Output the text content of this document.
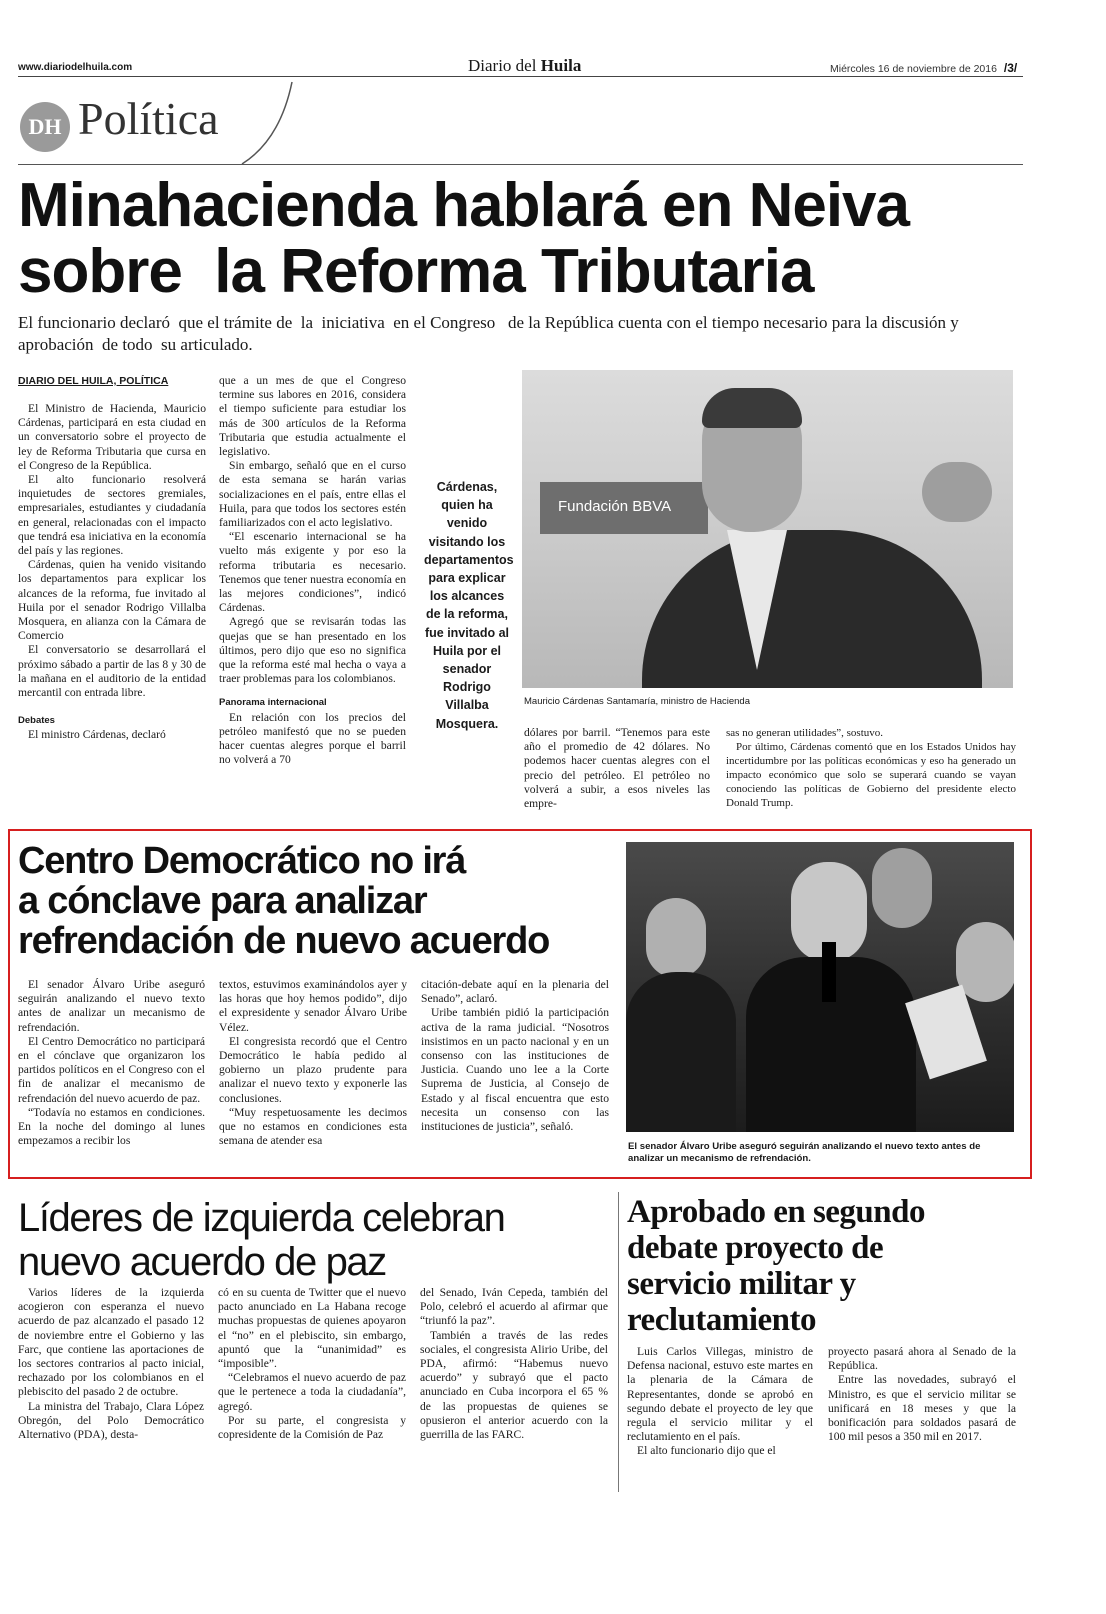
www.diariodelhuila.com	Diario del Huila	Miércoles 16 de noviembre de 2016 /3/
DH Política
Minahacienda hablará en Neiva
sobre  la Reforma Tributaria
El funcionario declaró  que el trámite de  la  iniciativa  en el Congreso   de la República cuenta con el tiempo necesario para la discusión y aprobación  de todo  su articulado.
DIARIO DEL HUILA, POLÍTICA

El Ministro de Hacienda, Mauricio Cárdenas, participará en esta ciudad en un conversatorio sobre el proyecto de ley de Reforma Tributaria que cursa en el Congreso de la República.

El alto funcionario resolverá inquietudes de sectores gremiales, empresariales, estudiantes y ciudadanía en general, relacionadas con el impacto que tendrá esa iniciativa en la economía del país y las regiones.

Cárdenas, quien ha venido visitando los departamentos para explicar los alcances de la reforma, fue invitado al Huila por el senador Rodrigo Villalba Mosquera, en alianza con la Cámara de Comercio

El conversatorio se desarrollará el próximo sábado a partir de las 8 y 30 de la mañana en el auditorio de la entidad mercantil con entrada libre.

Debates

El ministro Cárdenas, declaró

que a un mes de que el Congreso termine sus labores en 2016, considera el tiempo suficiente para estudiar los más de 300 artículos de la Reforma Tributaria que estudia actualmente el legislativo.

Sin embargo, señaló que en el curso de esta semana se harán varias socializaciones en el país, entre ellas el Huila, para que todos los sectores estén familiarizados con el acto legislativo.

“El escenario internacional se ha vuelto más exigente y por eso la reforma tributaria es necesario. Tenemos que tener nuestra economía en las mejores condiciones”, indicó Cárdenas.

Agregó que se revisarán todas las quejas que se han presentado en los últimos, pero dijo que eso no significa que la reforma esté mal hecha o vaya a traer problemas para los colombianos.

Panorama internacional

En relación con los precios del petróleo manifestó que no se pueden hacer cuentas alegres porque el barril no volverá a 70

Cárdenas, quien ha venido visitando los departamentos para explicar los alcances de la reforma, fue invitado al Huila por el senador Rodrigo Villalba Mosquera.
Fundación BBVA
Mauricio Cárdenas Santamaría, ministro de Hacienda

dólares por barril. “Tenemos para este año el promedio de 42 dólares. No podemos hacer cuentas alegres con el precio del petróleo. El petróleo no volverá a subir, a esos niveles las empre-

sas no generan utilidades”, sostuvo.

Por último, Cárdenas comentó que en los Estados Unidos hay incertidumbre por las políticas económicas y eso ha generado un impacto económico que solo se superará cuando se vayan conociendo las políticas de Gobierno del presidente electo Donald Trump.

Centro Democrático no irá
a cónclave para analizar
refrendación de nuevo acuerdo

El senador Álvaro Uribe aseguró seguirán analizando el nuevo texto antes de analizar un mecanismo de refrendación.

El Centro Democrático no participará en el cónclave que organizaron los partidos políticos en el Congreso con el fin de analizar el mecanismo de refrendación del nuevo acuerdo de paz.

“Todavía no estamos en condiciones. En la noche del domingo al lunes empezamos a recibir los

textos, estuvimos examinándolos ayer y las horas que hoy hemos podido”, dijo el expresidente y senador Álvaro Uribe Vélez.

El congresista recordó que el Centro Democrático le había pedido al gobierno un plazo prudente para analizar el nuevo texto y exponerle las conclusiones.

“Muy respetuosamente les decimos que no estamos en condiciones esta semana de atender esa

citación-debate aquí en la plenaria del Senado”, aclaró.

Uribe también pidió la participación activa de la rama judicial. “Nosotros insistimos en un pacto nacional y en un consenso con las instituciones de Justicia. Cuando uno lee a la Corte Suprema de Justicia, al Consejo de Estado y al fiscal encuentra que esto necesita un consenso con las instituciones de justicia”, señaló.

El senador Álvaro Uribe aseguró seguirán analizando el nuevo texto antes de analizar un mecanismo de refrendación.
Líderes de izquierda celebran
nuevo acuerdo de paz

Varios líderes de la izquierda acogieron con esperanza el nuevo acuerdo de paz alcanzado el pasado 12 de noviembre entre el Gobierno y las Farc, que contiene las aportaciones de los sectores contrarios al pacto inicial, rechazado por los colombianos en el plebiscito del pasado 2 de octubre.

La ministra del Trabajo, Clara López Obregón, del Polo Democrático Alternativo (PDA), desta-

có en su cuenta de Twitter que el nuevo pacto anunciado en La Habana recoge muchas propuestas de quienes apoyaron el “no” en el plebiscito, sin embargo, apuntó que la “unanimidad” es “imposible”.

“Celebramos el nuevo acuerdo de paz que le pertenece a toda la ciudadanía”, agregó.

Por su parte, el congresista y copresidente de la Comisión de Paz

del Senado, Iván Cepeda, también del Polo, celebró el acuerdo al afirmar que “triunfó la paz”.

También a través de las redes sociales, el congresista Alirio Uribe, del PDA, afirmó: “Habemus nuevo acuerdo” y subrayó que el pacto anunciado en Cuba incorpora el 65 % de las propuestas de quienes se opusieron el anterior acuerdo con la guerrilla de las FARC.

Aprobado en segundo
debate proyecto de
servicio militar y
reclutamiento

Luis Carlos Villegas, ministro de Defensa nacional, estuvo este martes en la plenaria de la Cámara de Representantes, donde se aprobó en segundo debate el proyecto de ley que regula el servicio militar y el reclutamiento en el país.

El alto funcionario dijo que el

proyecto pasará ahora al Senado de la República.

Entre las novedades, subrayó el Ministro, es que el servicio militar se unificará en 18 meses y que la bonificación para soldados pasará de 100 mil pesos a 350 mil en 2017.
